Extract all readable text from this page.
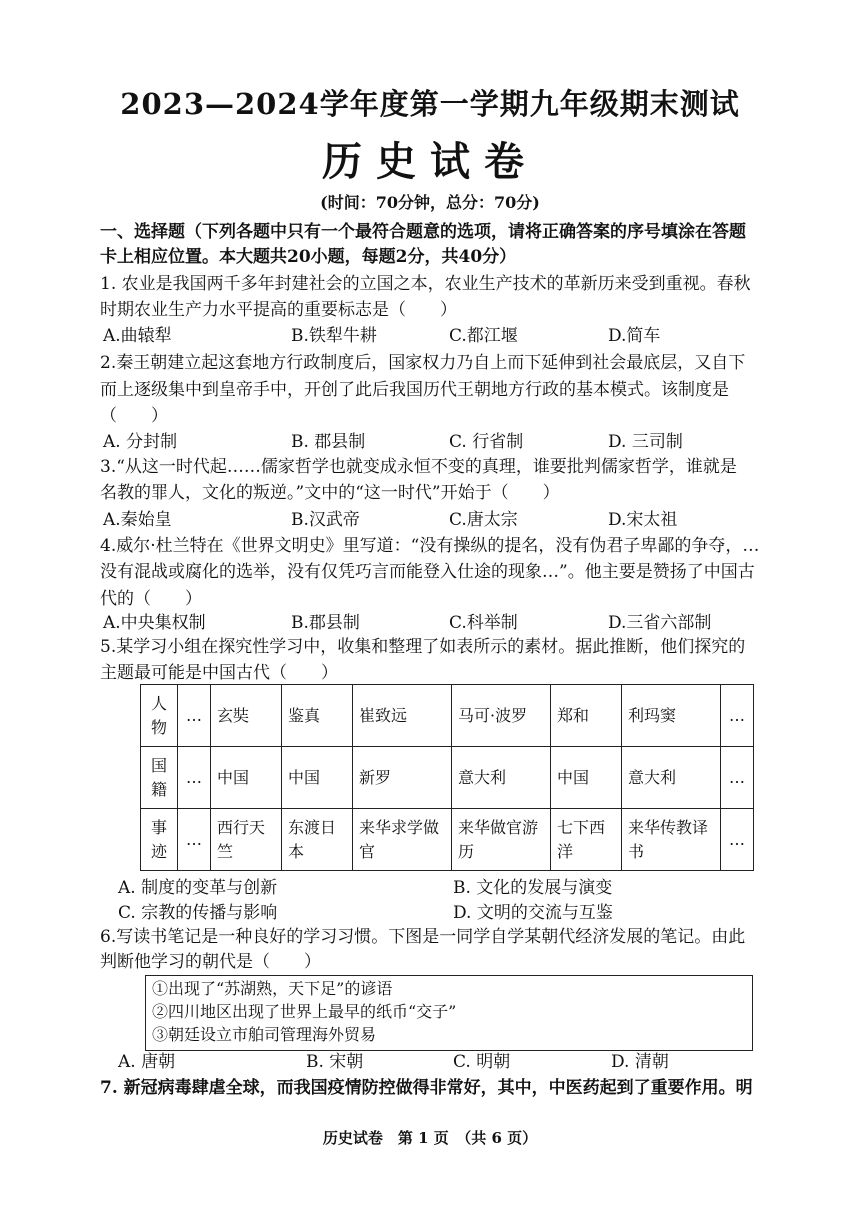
2023—2024学年度第一学期九年级期末测试
历史试卷
(时间：70分钟，总分：70分)
一、选择题（下列各题中只有一个最符合题意的选项，请将正确答案的序号填涂在答题
卡上相应位置。本大题共20小题，每题2分，共40分）
1. 农业是我国两千多年封建社会的立国之本，农业生产技术的革新历来受到重视。春秋
时期农业生产力水平提高的重要标志是（　　）
A.曲辕犁	B.铁犁牛耕	C.都江堰	D.简车
2.秦王朝建立起这套地方行政制度后，国家权力乃自上而下延伸到社会最底层，又自下
而上逐级集中到皇帝手中，开创了此后我国历代王朝地方行政的基本模式。该制度是
（　　）
A. 分封制	B. 郡县制	C. 行省制	D. 三司制
3.“从这一时代起……儒家哲学也就变成永恒不变的真理，谁要批判儒家哲学，谁就是
名教的罪人，文化的叛逆。”文中的“这一时代”开始于（　　）
A.秦始皇	B.汉武帝	C.唐太宗	D.宋太祖
4.威尔·杜兰特在《世界文明史》里写道：“没有操纵的提名，没有伪君子卑鄙的争夺，…
没有混战或腐化的选举，没有仅凭巧言而能登入仕途的现象…”。他主要是赞扬了中国古
代的（　　）
A.中央集权制	B.郡县制	C.科举制	D.三省六部制
5.某学习小组在探究性学习中，收集和整理了如表所示的素材。据此推断，他们探究的
主题最可能是中国古代（　　）
人物	…	玄奘	鉴真	崔致远	马可·波罗	郑和	利玛窦	…
国籍	…	中国	中国	新罗	意大利	中国	意大利	…
事迹	…	西行天竺	东渡日本	来华求学做官	来华做官游历	七下西洋	来华传教译书	…
A. 制度的变革与创新	B. 文化的发展与演变
C. 宗教的传播与影响	D. 文明的交流与互鉴
6.写读书笔记是一种良好的学习习惯。下图是一同学自学某朝代经济发展的笔记。由此
判断他学习的朝代是（　　）
①出现了“苏湖熟，天下足”的谚语
②四川地区出现了世界上最早的纸币“交子”
③朝廷设立市舶司管理海外贸易
A. 唐朝	B. 宋朝	C. 明朝	D. 清朝
7. 新冠病毒肆虐全球，而我国疫情防控做得非常好，其中，中医药起到了重要作用。明
历史试卷　第 1 页　（共 6 页）
